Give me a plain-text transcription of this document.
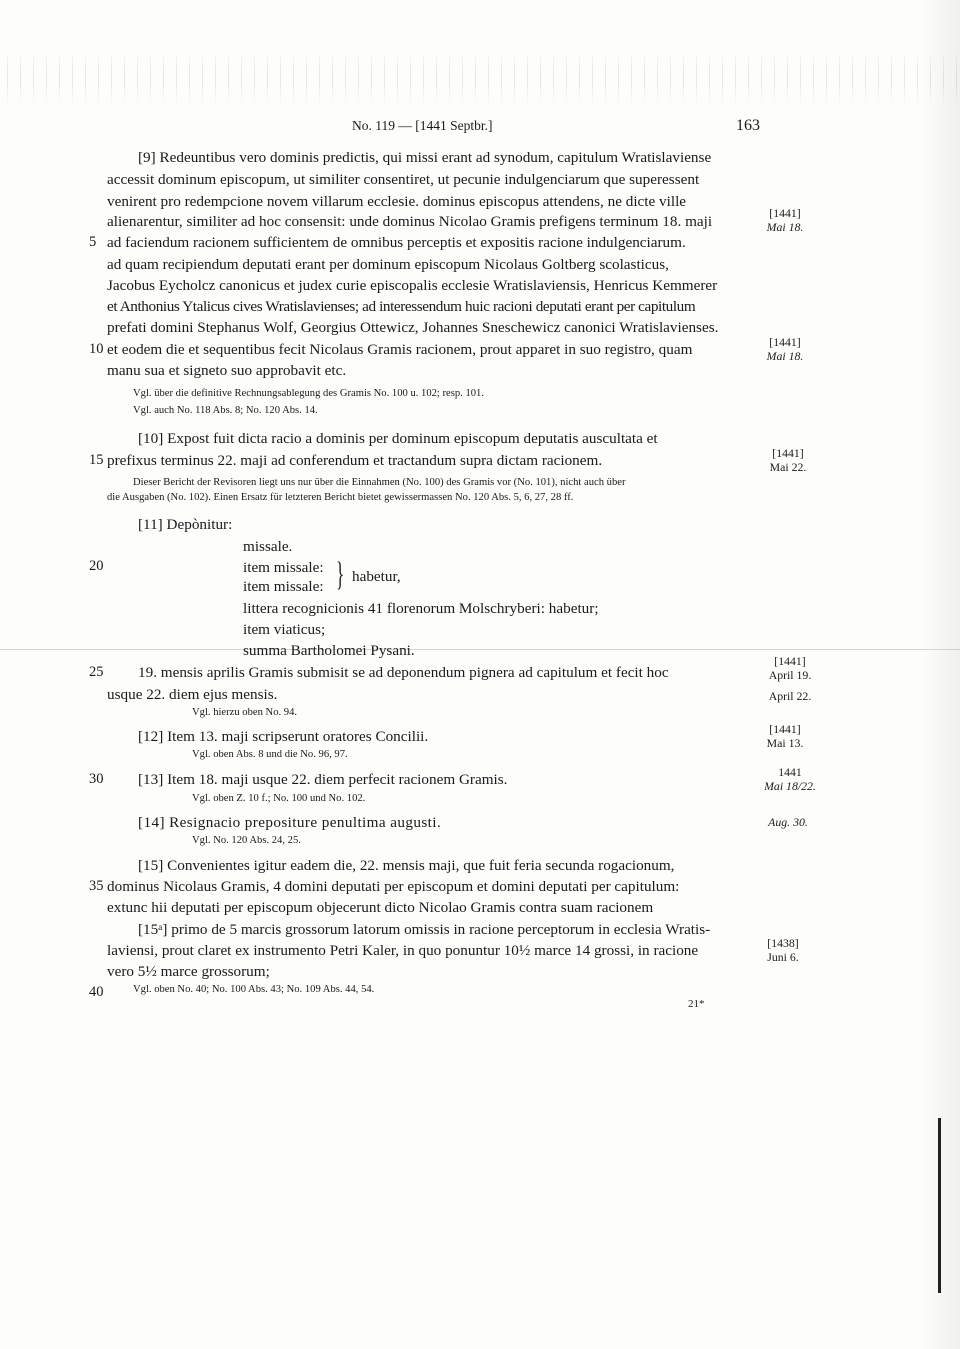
No. 119 — [1441 Septbr.]	163
[9] Redeuntibus vero dominis predictis, qui missi erant ad synodum, capitulum Wratislaviense
accessit dominum episcopum, ut similiter consentiret, ut pecunie indulgenciarum que superessent
venirent pro redempcione novem villarum ecclesie. dominus episcopus attendens, ne dicte ville
alienarentur, similiter ad hoc consensit: unde dominus Nicolao Gramis prefigens terminum 18. maji
ad faciendum racionem sufficientem de omnibus perceptis et expositis racione indulgenciarum.
ad quam recipiendum deputati erant per dominum episcopum Nicolaus Goltberg scolasticus,
Jacobus Eycholcz canonicus et judex curie episcopalis ecclesie Wratislaviensis, Henricus Kemmerer
et Anthonius Ytalicus cives Wratislavienses; ad interessendum huic racioni deputati erant per capitulum
prefati domini Stephanus Wolf, Georgius Ottewicz, Johannes Sneschewicz canonici Wratislavienses.
et eodem die et sequentibus fecit Nicolaus Gramis racionem, prout apparet in suo registro, quam
manu sua et signeto suo approbavit etc.
Vgl. über die definitive Rechnungsablegung des Gramis No. 100 u. 102; resp. 101.
Vgl. auch No. 118 Abs. 8; No. 120 Abs. 14.
[10] Expost fuit dicta racio a dominis per dominum episcopum deputatis auscultata et
prefixus terminus 22. maji ad conferendum et tractandum supra dictam racionem.
Dieser Bericht der Revisoren liegt uns nur über die Einnahmen (No. 100) des Gramis vor (No. 101), nicht auch über
die Ausgaben (No. 102). Einen Ersatz für letzteren Bericht bietet gewissermassen No. 120 Abs. 5, 6, 27, 28 ff.
[11] Depònitur:
missale.
item missale:
item missale: } habetur,
littera recognicionis 41 florenorum Molschryberi: habetur;
item viaticus;
summa Bartholomei Pysani.
19. mensis aprilis Gramis submisit se ad deponendum pignera ad capitulum et fecit hoc
usque 22. diem ejus mensis.
Vgl. hierzu oben No. 94.
[12] Item 13. maji scripserunt oratores Concilii.
Vgl. oben Abs. 8 und die No. 96, 97.
[13] Item 18. maji usque 22. diem perfecit racionem Gramis.
Vgl. oben Z. 10 f.; No. 100 und No. 102.
[14] Resignacio prepositure penultima augusti.
Vgl. No. 120 Abs. 24, 25.
[15] Convenientes igitur eadem die, 22. mensis maji, que fuit feria secunda rogacionum,
dominus Nicolaus Gramis, 4 domini deputati per episcopum et domini deputati per capitulum:
extunc hii deputati per episcopum objecerunt dicto Nicolao Gramis contra suam racionem
[15ᵃ] primo de 5 marcis grossorum latorum omissis in racione perceptorum in ecclesia Wratis-
laviensi, prout claret ex instrumento Petri Kaler, in quo ponuntur 10½ marce 14 grossi, in racione
vero 5½ marce grossorum;
Vgl. oben No. 40; No. 100 Abs. 43; No. 109 Abs. 44, 54.
21*
5
10
15
20
25
30
35
40
[1441]
Mai 18.
[1441]
Mai 18.
[1441]
Mai 22.
[1441]
April 19.
April 22.
[1441]
Mai 13.
1441
Mai 18/22.
Aug. 30.
[1438]
Juni 6.
